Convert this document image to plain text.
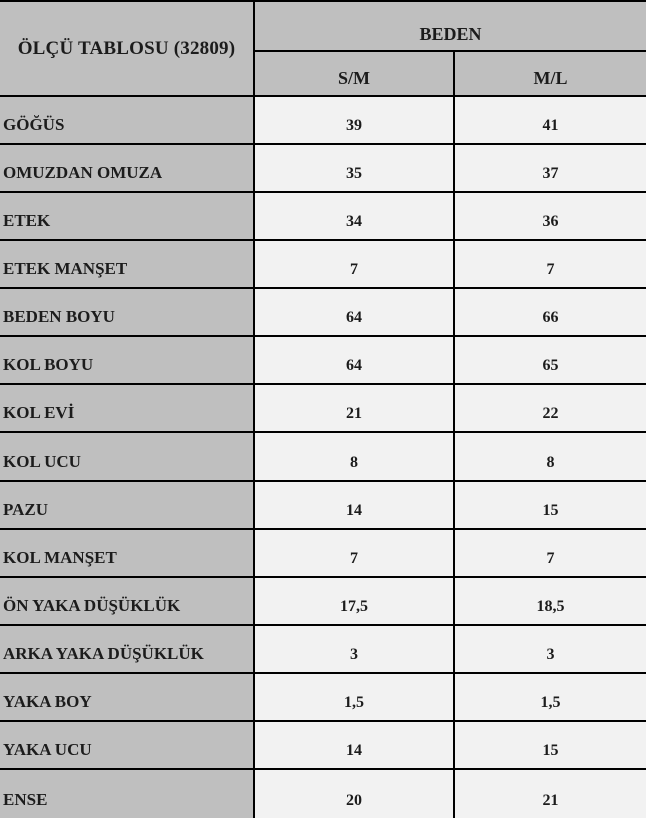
ÖLÇÜ TABLOSU (32809)
BEDEN
S/M	M/L
GÖĞÜS	39	41
OMUZDAN OMUZA	35	37
ETEK	34	36
ETEK MANŞET	7	7
BEDEN BOYU	64	66
KOL BOYU	64	65
KOL EVİ	21	22
KOL UCU	8	8
PAZU	14	15
KOL MANŞET	7	7
ÖN YAKA DÜŞÜKLÜK	17,5	18,5
ARKA YAKA DÜŞÜKLÜK	3	3
YAKA BOY	1,5	1,5
YAKA UCU	14	15
ENSE	20	21
